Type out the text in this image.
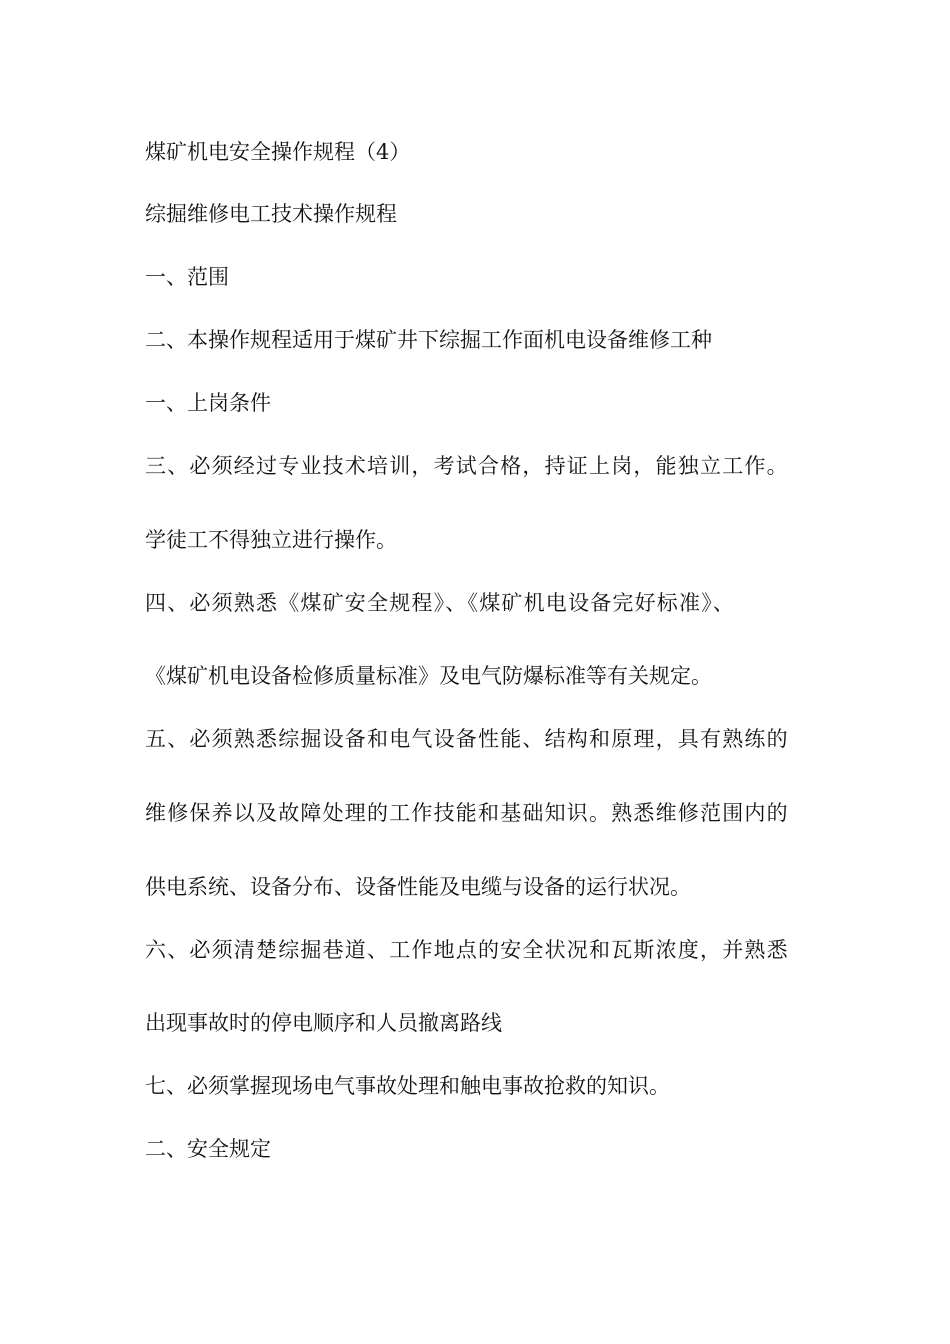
煤矿机电安全操作规程（4）
综掘维修电工技术操作规程
一、范围
二、本操作规程适用于煤矿井下综掘工作面机电设备维修工种
一、上岗条件
三、必须经过专业技术培训，考试合格，持证上岗，能独立工作。
学徒工不得独立进行操作。
四、必须熟悉《煤矿安全规程》、《煤矿机电设备完好标准》、
《煤矿机电设备检修质量标准》及电气防爆标准等有关规定。
五、必须熟悉综掘设备和电气设备性能、结构和原理，具有熟练的
维修保养以及故障处理的工作技能和基础知识。熟悉维修范围内的
供电系统、设备分布、设备性能及电缆与设备的运行状况。
六、必须清楚综掘巷道、工作地点的安全状况和瓦斯浓度，并熟悉
出现事故时的停电顺序和人员撤离路线
七、必须掌握现场电气事故处理和触电事故抢救的知识。
二、安全规定
